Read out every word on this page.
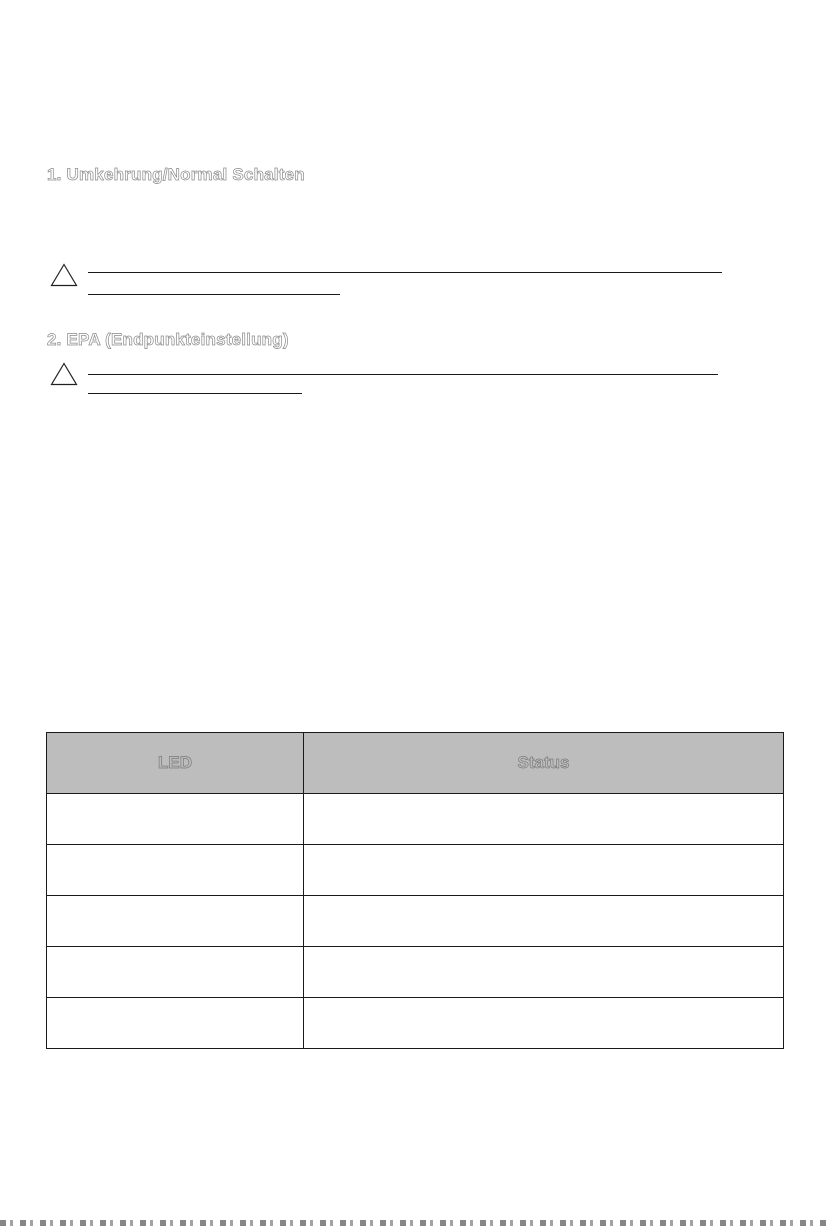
1. Umkehrung/Normal Schalten
2. EPA (Endpunkteinstellung)
LED	Status
